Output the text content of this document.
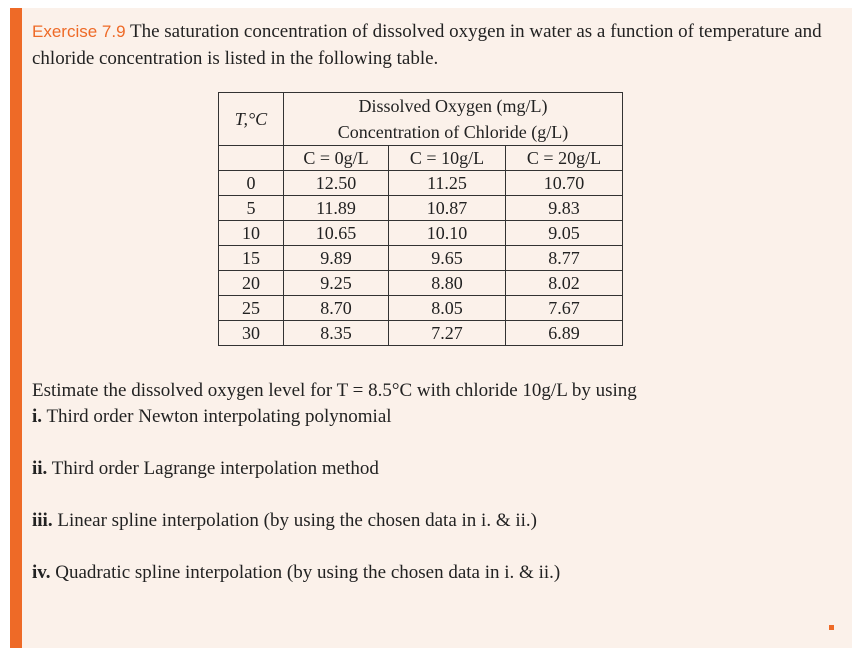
Exercise 7.9 The saturation concentration of dissolved oxygen in water as a function of temperature and chloride concentration is listed in the following table.
T,°C	Dissolved Oxygen (mg/L)
Concentration of Chloride (g/L)		

	C = 0g/L	C = 10g/L	C = 20g/L
0	12.50	11.25	10.70
5	11.89	10.87	9.83
10	10.65	10.10	9.05
15	9.89	9.65	8.77
20	9.25	8.80	8.02
25	8.70	8.05	7.67
30	8.35	7.27	6.89
Estimate the dissolved oxygen level for T = 8.5°C with chloride 10g/L by using
i. Third order Newton interpolating polynomial
ii. Third order Lagrange interpolation method
iii. Linear spline interpolation (by using the chosen data in i. & ii.)
iv. Quadratic spline interpolation (by using the chosen data in i. & ii.)
